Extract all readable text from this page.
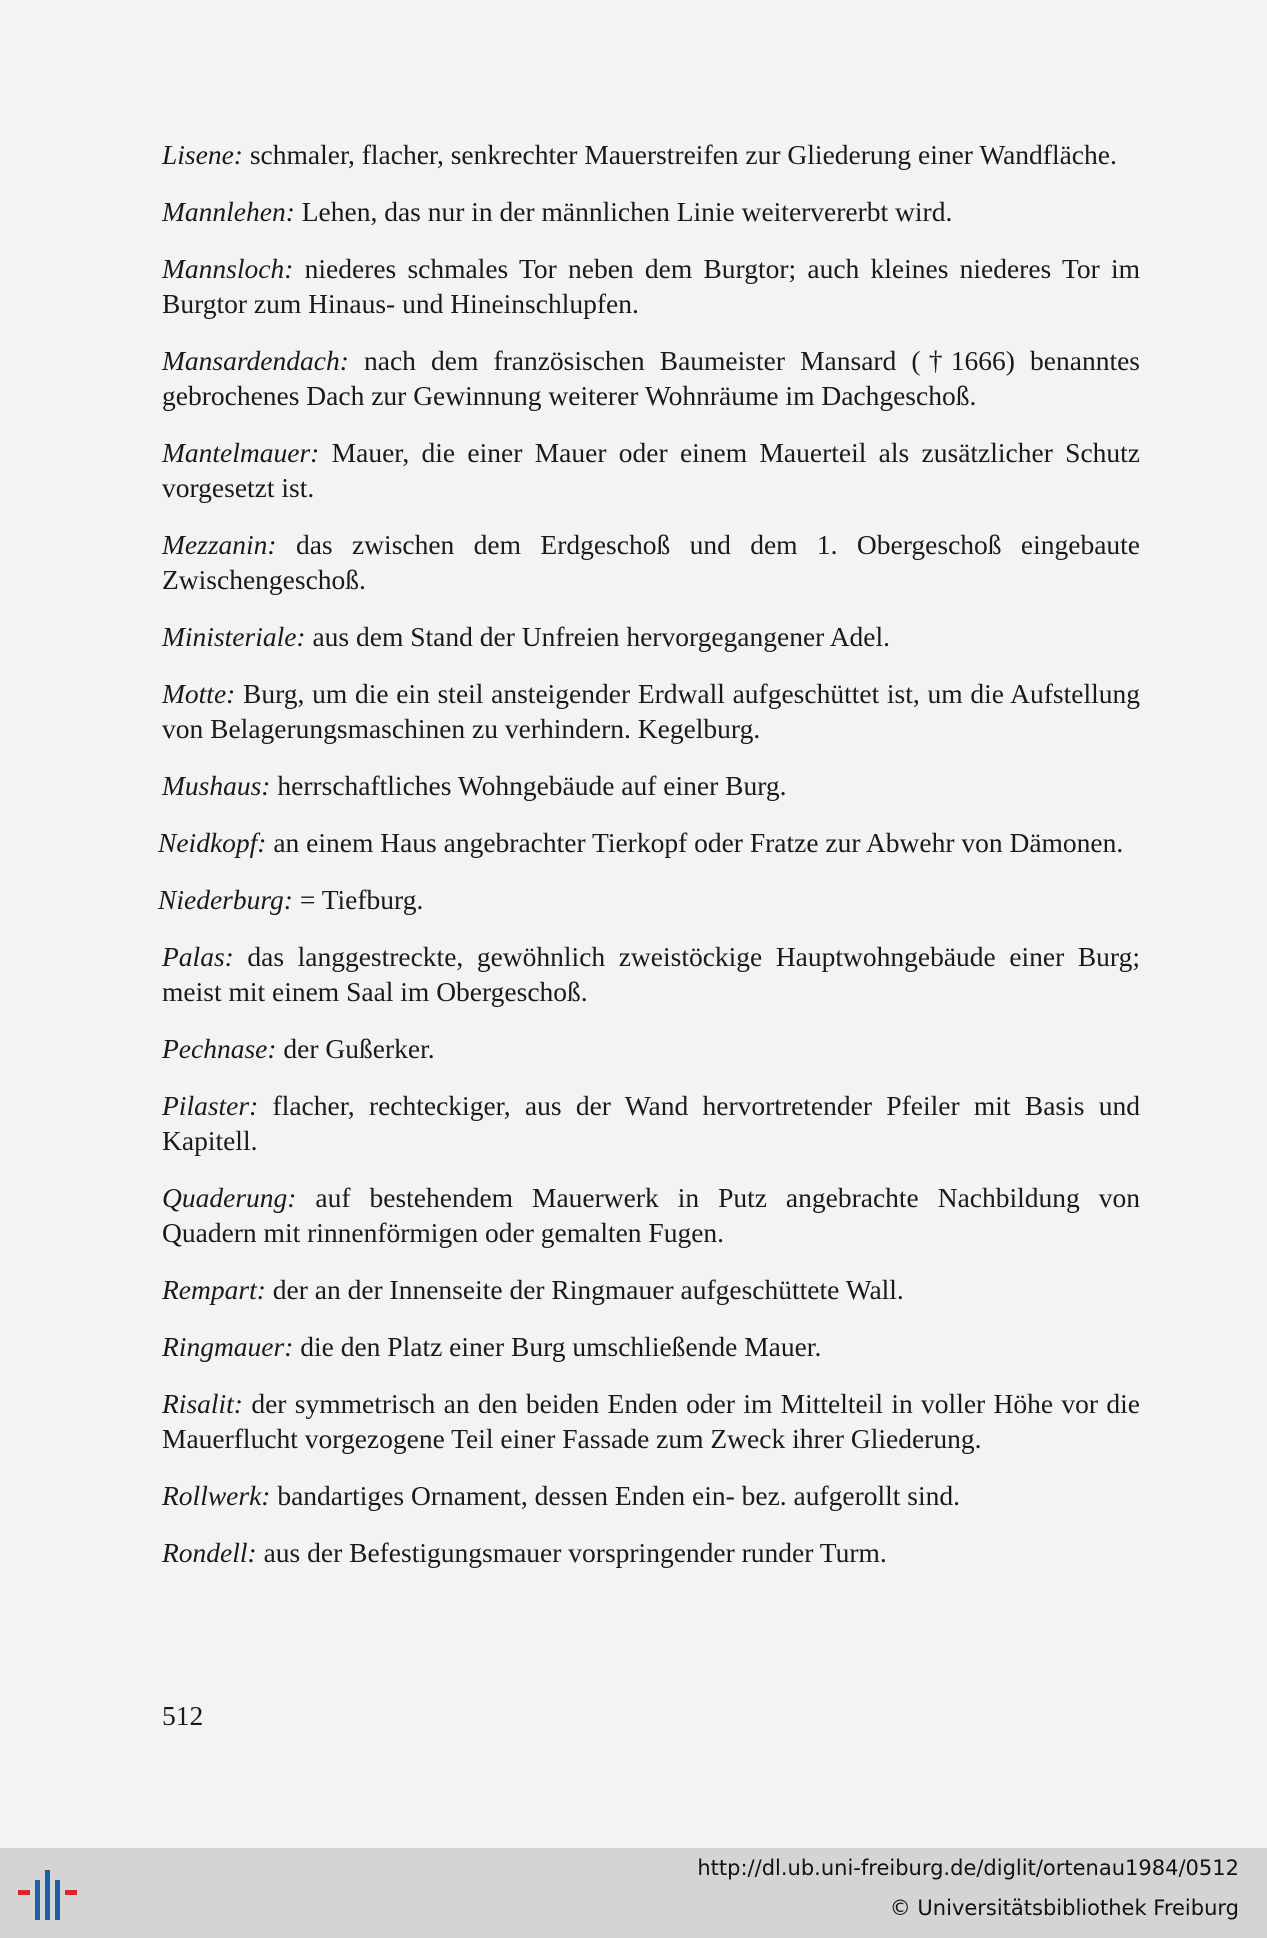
Lisene: schmaler, flacher, senkrechter Mauerstreifen zur Gliederung einer Wandfläche.

Mannlehen: Lehen, das nur in der männlichen Linie weitervererbt wird.

Mannsloch: niederes schmales Tor neben dem Burgtor; auch kleines niederes Tor im Burgtor zum Hinaus- und Hineinschlupfen.

Mansardendach: nach dem französischen Baumeister Mansard (†1666) benanntes gebrochenes Dach zur Gewinnung weiterer Wohnräume im Dachgeschoß.

Mantelmauer: Mauer, die einer Mauer oder einem Mauerteil als zusätzlicher Schutz vorgesetzt ist.

Mezzanin: das zwischen dem Erdgeschoß und dem 1. Obergeschoß eingebaute Zwischengeschoß.

Ministeriale: aus dem Stand der Unfreien hervorgegangener Adel.

Motte: Burg, um die ein steil ansteigender Erdwall aufgeschüttet ist, um die Aufstellung von Belagerungsmaschinen zu verhindern. Kegelburg.

Mushaus: herrschaftliches Wohngebäude auf einer Burg.

Neidkopf: an einem Haus angebrachter Tierkopf oder Fratze zur Abwehr von Dämonen.

Niederburg: = Tiefburg.

Palas: das langgestreckte, gewöhnlich zweistöckige Hauptwohngebäude einer Burg; meist mit einem Saal im Obergeschoß.

Pechnase: der Gußerker.

Pilaster: flacher, rechteckiger, aus der Wand hervortretender Pfeiler mit Basis und Kapitell.

Quaderung: auf bestehendem Mauerwerk in Putz angebrachte Nachbildung von Quadern mit rinnenförmigen oder gemalten Fugen.

Rempart: der an der Innenseite der Ringmauer aufgeschüttete Wall.

Ringmauer: die den Platz einer Burg umschließende Mauer.

Risalit: der symmetrisch an den beiden Enden oder im Mittelteil in voller Höhe vor die Mauerflucht vorgezogene Teil einer Fassade zum Zweck ihrer Gliederung.

Rollwerk: bandartiges Ornament, dessen Enden ein- bez. aufgerollt sind.

Rondell: aus der Befestigungsmauer vorspringender runder Turm.

512
http://dl.ub.uni-freiburg.de/diglit/ortenau1984/0512
© Universitätsbibliothek Freiburg
